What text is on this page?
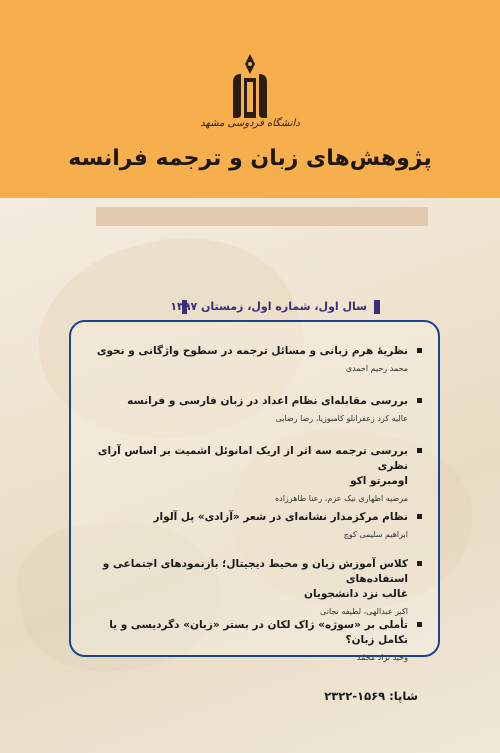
دانشگاه فردوسی مشهد
پژوهش‌های زبان و ترجمه فرانسه
سال اول، شماره اول، زمستان ۱۳۹۷
نظریهٔ هرم زبانی و مسائل ترجمه در سطوح واژگانی و نحوی
محمد رحیم احمدی
بررسی مقابله‌ای نظام اعداد در زبان فارسی و فرانسه
عالیه کرد زعفرانلو کامبوزیا، رضا رضایی
بررسی ترجمه سه اثر از اریک امانوئل اشمیت بر اساس آرای نظری
اومبرتو اکو
مرضیه اطهاری نیک عزم، رعنا طاهرزاده
نظام مرکزمدار نشانه‌ای در شعر «آزادی» پل آلوار
ابراهیم سلیمی کوچ
کلاس آموزش زبان و محیط دیجیتال؛ بازنمودهای اجتماعی و استفاده‌های
غالب نزد دانشجویان
اکبر عبدالهی، لطیفه نجاتی
تأملی بر «سوژه» ژاک لکان در بستر «زبان» دگردیسی و یا تکامل زبان؟
وحید نژاد محمّد
شاپا: ۱۵۶۹-۲۳۲۲
